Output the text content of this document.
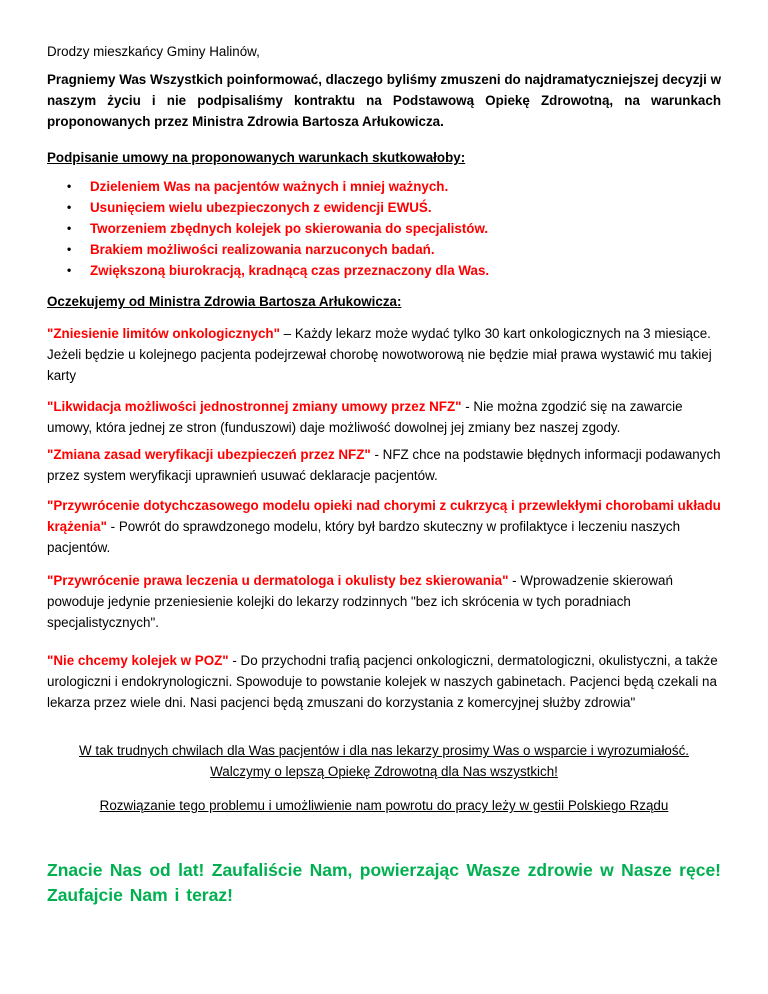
Drodzy mieszkańcy Gminy Halinów,

Pragniemy Was Wszystkich poinformować, dlaczego byliśmy zmuszeni do najdramatyczniejszej decyzji w naszym życiu i nie podpisaliśmy kontraktu na Podstawową Opiekę Zdrowotną, na warunkach proponowanych przez Ministra Zdrowia Bartosza Arłukowicza.

Podpisanie umowy na proponowanych warunkach skutkowałoby:

• Dzieleniem Was na pacjentów ważnych i mniej ważnych.
• Usunięciem wielu ubezpieczonych z ewidencji EWUŚ.
• Tworzeniem zbędnych kolejek po skierowania do specjalistów.
• Brakiem możliwości realizowania narzuconych badań.
• Zwiększoną biurokracją, kradnącą czas przeznaczony dla Was.

Oczekujemy od Ministra Zdrowia Bartosza Arłukowicza:

"Zniesienie limitów onkologicznych" – Każdy lekarz może wydać tylko 30 kart onkologicznych na 3 miesiące. Jeżeli będzie u kolejnego pacjenta podejrzewał chorobę nowotworową nie będzie miał prawa wystawić mu takiej karty

"Likwidacja możliwości jednostronnej zmiany umowy przez NFZ" - Nie można zgodzić się na zawarcie umowy, która jednej ze stron (funduszowi) daje możliwość dowolnej jej zmiany bez naszej zgody.

"Zmiana zasad weryfikacji ubezpieczeń przez NFZ" - NFZ chce na podstawie błędnych informacji podawanych przez system weryfikacji uprawnień usuwać deklaracje pacjentów.

"Przywrócenie dotychczasowego modelu opieki nad chorymi z cukrzycą i przewlekłymi chorobami układu krążenia" - Powrót do sprawdzonego modelu, który był bardzo skuteczny w profilaktyce i leczeniu naszych pacjentów.

"Przywrócenie prawa leczenia u dermatologa i okulisty bez skierowania" - Wprowadzenie skierowań powoduje jedynie przeniesienie kolejki do lekarzy rodzinnych "bez ich skrócenia w tych poradniach specjalistycznych".

"Nie chcemy kolejek w POZ" - Do przychodni trafią pacjenci onkologiczni, dermatologiczni, okulistyczni, a także urologiczni i endokrynologiczni. Spowoduje to powstanie kolejek w naszych gabinetach. Pacjenci będą czekali na lekarza przez wiele dni. Nasi pacjenci będą zmuszani do korzystania z komercyjnej służby zdrowia"

W tak trudnych chwilach dla Was pacjentów i dla nas lekarzy prosimy Was o wsparcie i wyrozumiałość.

Walczymy o lepszą Opiekę Zdrowotną dla Nas wszystkich!

Rozwiązanie tego problemu i umożliwienie nam powrotu do pracy leży w gestii Polskiego Rządu

Znacie Nas od lat! Zaufaliście Nam, powierzając Wasze zdrowie w Nasze ręce! Zaufajcie Nam i teraz!
